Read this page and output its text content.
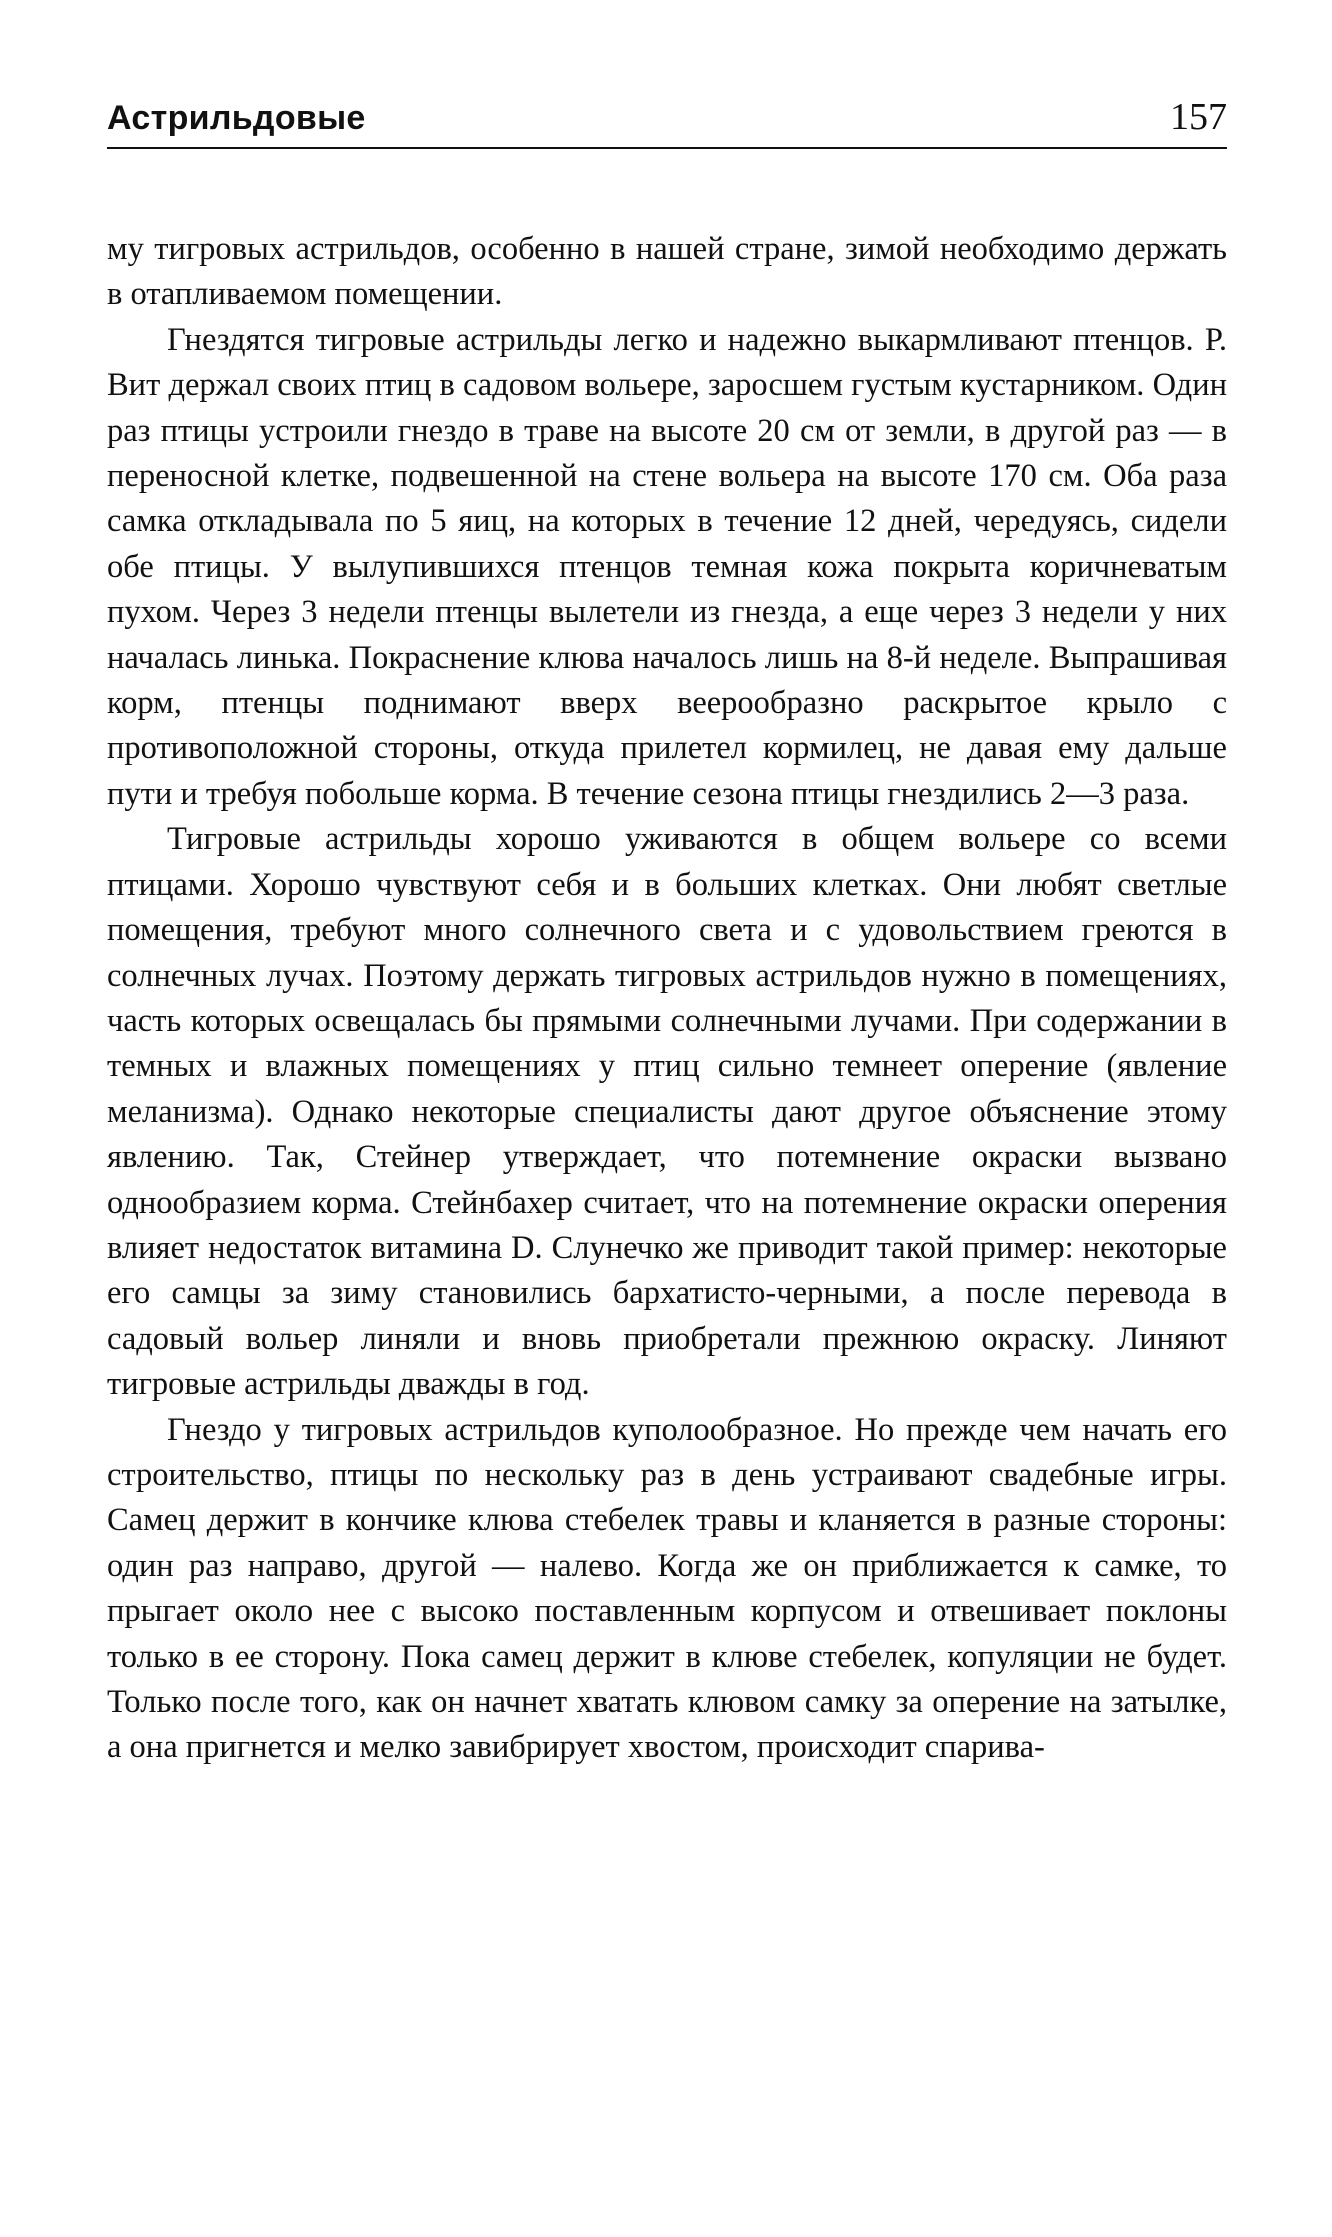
Астрильдовые	157

му тигровых астрильдов, особенно в нашей стране, зимой необходимо держать в отапливаемом помещении.

Гнездятся тигровые астрильды легко и надежно выкармливают птенцов. Р. Вит держал своих птиц в садовом вольере, заросшем густым кустарником. Один раз птицы устроили гнездо в траве на высоте 20 см от земли, в другой раз — в переносной клетке, подвешенной на стене вольера на высоте 170 см. Оба раза самка откладывала по 5 яиц, на которых в течение 12 дней, чередуясь, сидели обе птицы. У вылупившихся птенцов темная кожа покрыта коричневатым пухом. Через 3 недели птенцы вылетели из гнезда, а еще через 3 недели у них началась линька. Покраснение клюва началось лишь на 8-й неделе. Выпрашивая корм, птенцы поднимают вверх веерообразно раскрытое крыло с противоположной стороны, откуда прилетел кормилец, не давая ему дальше пути и требуя побольше корма. В течение сезона птицы гнездились 2—3 раза.

Тигровые астрильды хорошо уживаются в общем вольере со всеми птицами. Хорошо чувствуют себя и в больших клетках. Они любят светлые помещения, требуют много солнечного света и с удовольствием греются в солнечных лучах. Поэтому держать тигровых астрильдов нужно в помещениях, часть которых освещалась бы прямыми солнечными лучами. При содержании в темных и влажных помещениях у птиц сильно темнеет оперение (явление меланизма). Однако некоторые специалисты дают другое объяснение этому явлению. Так, Стейнер утверждает, что потемнение окраски вызвано однообразием корма. Стейнбахер считает, что на потемнение окраски оперения влияет недостаток витамина D. Слунечко же приводит такой пример: некоторые его самцы за зиму становились бархатисто-черными, а после перевода в садовый вольер линяли и вновь приобретали прежнюю окраску. Линяют тигровые астрильды дважды в год.

Гнездо у тигровых астрильдов куполообразное. Но прежде чем начать его строительство, птицы по нескольку раз в день устраивают свадебные игры. Самец держит в кончике клюва стебелек травы и кланяется в разные стороны: один раз направо, другой — налево. Когда же он приближается к самке, то прыгает около нее с высоко поставленным корпусом и отвешивает поклоны только в ее сторону. Пока самец держит в клюве стебелек, копуляции не будет. Только после того, как он начнет хватать клювом самку за оперение на затылке, а она пригнется и мелко завибрирует хвостом, происходит спарива-
